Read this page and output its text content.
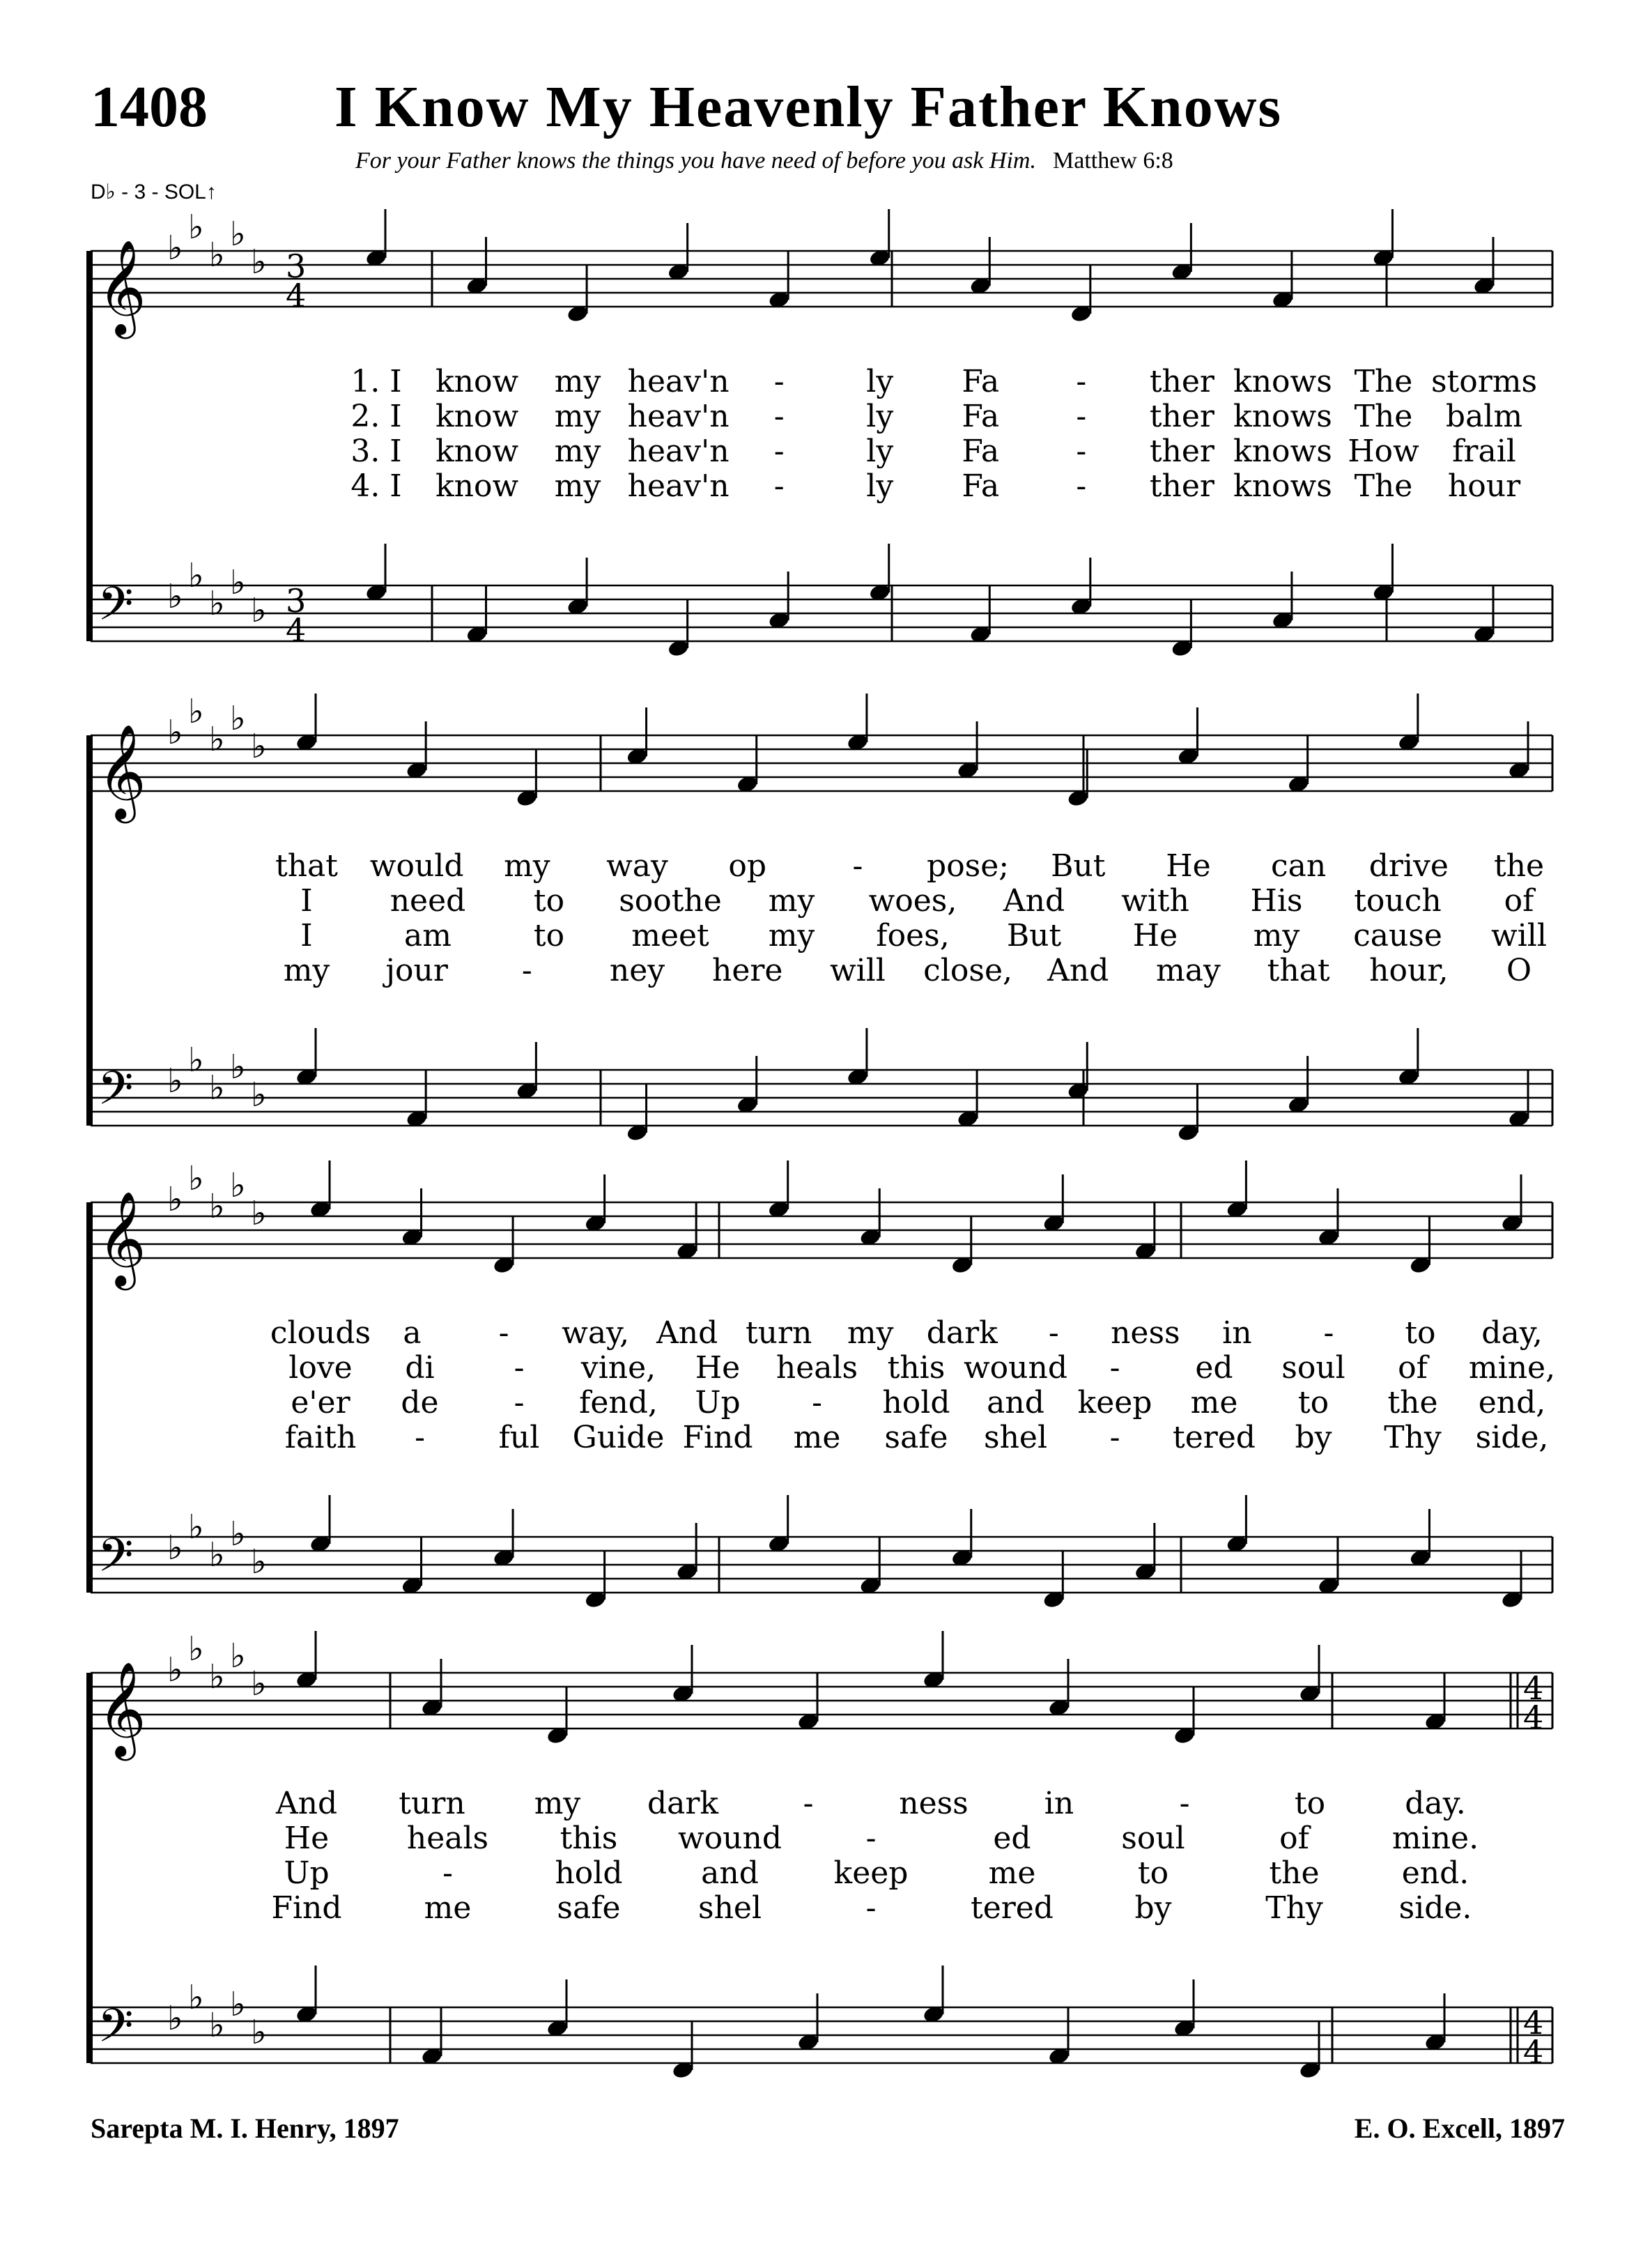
1408 I Know My Heavenly Father Knows
For your Father knows the things you have need of before you ask Him. Matthew 6:8
D♭ - 3 - SOL↑
𝄞 ♭
♭
♭
♭
♭ 3
4
𝄢 ♭
♭
♭
♭
♭ 3
4
1. I know my heav'n -	ly Fa	- ther knows The storms
2. I know my heav'n -	ly Fa	- ther knows The balm
3. I know my heav'n -	ly Fa	- ther knows How frail
4. I know my heav'n -	ly Fa	- ther knows The hour
𝄞 ♭
♭
♭
♭
♭
𝄢 ♭
♭
♭
♭
♭
that would my way op	- pose; But He can drive the
I	need to soothe my woes, And with His touch of
I	am	to meet my foes, But He my cause will
my jour -	ney here will close, And may that hour, O
𝄞 ♭
♭
♭
♭
♭
𝄢 ♭
♭
♭
♭
♭
clouds a	- way, And turn my dark - ness in - to day,
love di	- vine, He heals this wound - ed soul of mine,
e'er de - fend, Up - hold and keep me to the end,
faith - ful Guide Find me safe shel - tered by Thy side,
𝄞 ♭
♭
♭
♭
♭	4
4
𝄢 ♭
♭
♭
♭
♭	4
4
And turn my dark	-	ness in	-	to	day.
He	heals this wound	-	ed	soul	of	mine.
Up	-	hold	and keep	me	to	the	end.
Find	me	safe	shel	-	tered	by	Thy side.
Sarepta M. I. Henry, 1897	E. O. Excell, 1897
